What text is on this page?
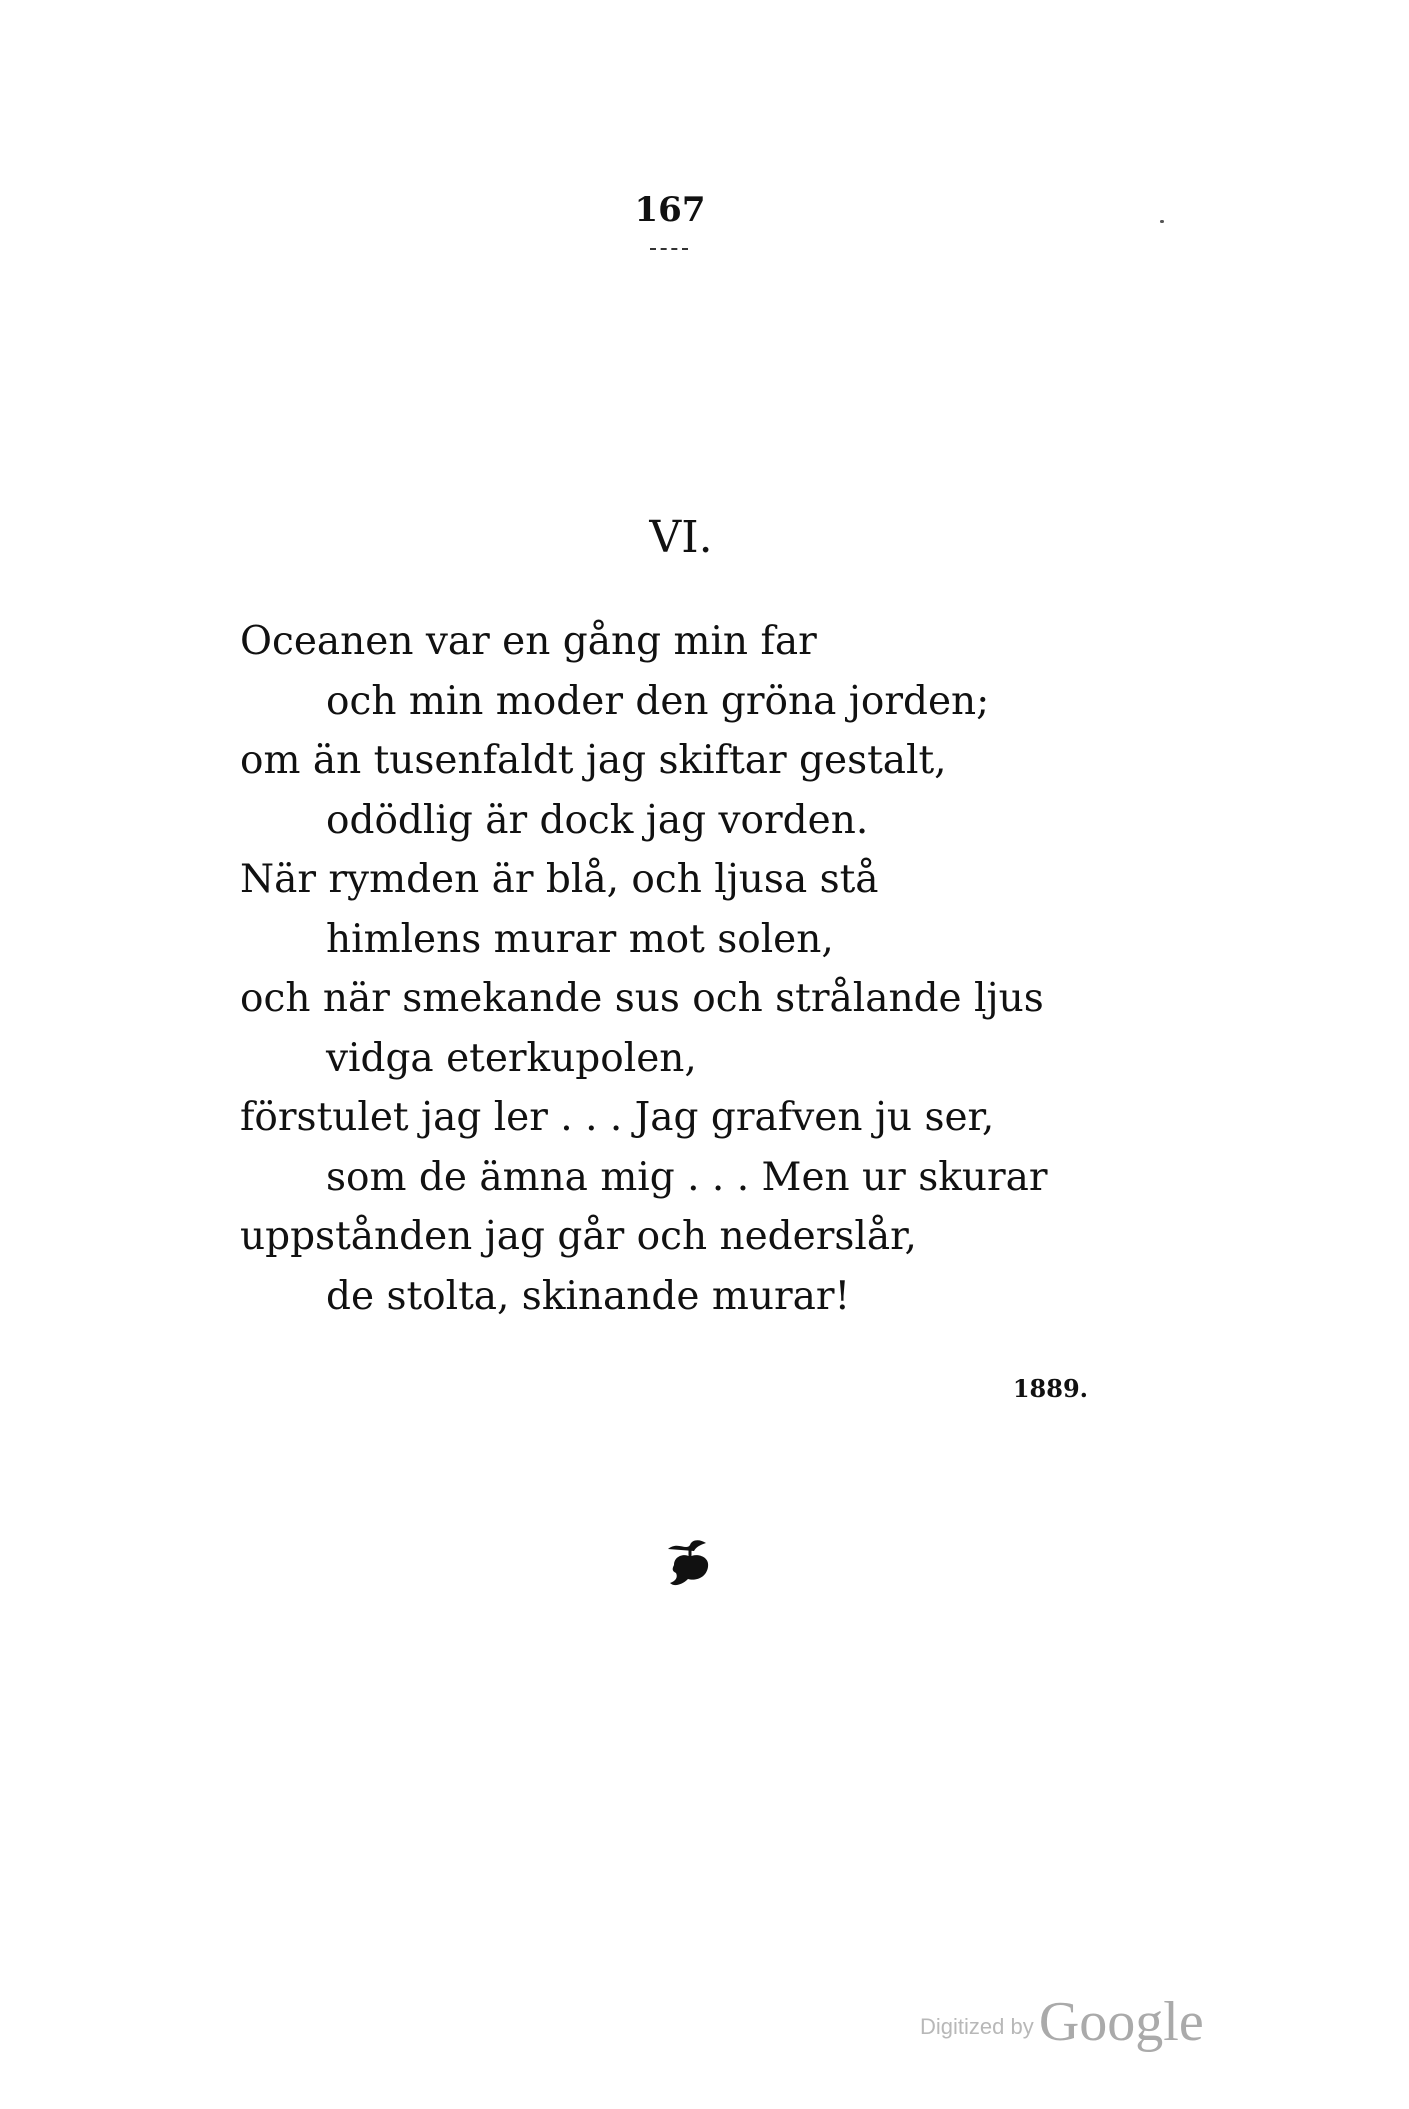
167
VI.
Oceanen var en gång min far
och min moder den gröna jorden;
om än tusenfaldt jag skiftar gestalt,
odödlig är dock jag vorden.
När rymden är blå, och ljusa stå
himlens murar mot solen,
och när smekande sus och strålande ljus
vidga eterkupolen,
förstulet jag ler . . . Jag grafven ju ser,
som de ämna mig . . . Men ur skurar
uppstånden jag går och nederslår,
de stolta, skinande murar!
1889.
Digitized by Google
